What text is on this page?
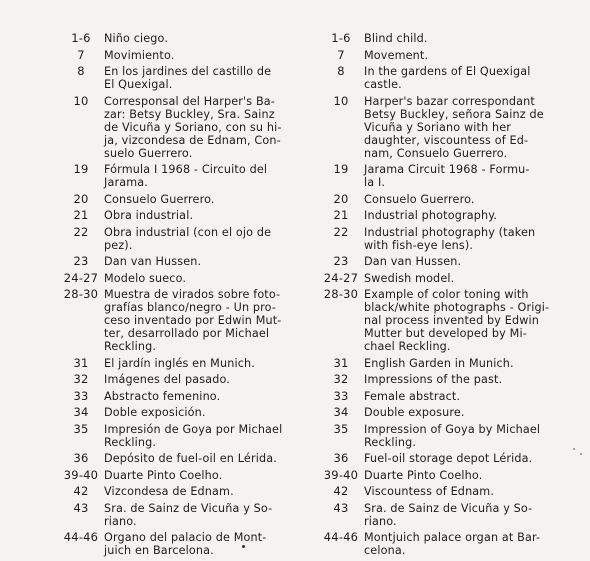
1-6	Niño ciego.
7	Movimiento.
8	En los jardines del castillo de
El Quexigal.
10	Corresponsal del Harper's Ba-
zar: Betsy Buckley, Sra. Sainz
de Vicuña y Soriano, con su hi-
ja, vizcondesa de Ednam, Con-
suelo Guerrero.
19	Fórmula I 1968 - Circuito del
Jarama.
20	Consuelo Guerrero.
21	Obra industrial.
22	Obra industrial (con el ojo de
pez).
23	Dan van Hussen.
24-27 Modelo sueco.
28-30 Muestra de virados sobre foto-
grafías blanco/negro - Un pro-
ceso inventado por Edwin Mut-
ter, desarrollado por Michael
Reckling.
31	El jardín inglés en Munich.
32	Imágenes del pasado.
33	Abstracto femenino.
34	Doble exposición.
35	Impresión de Goya por Michael
Reckling.
36	Depósito de fuel-oil en Lérida.
39-40 Duarte Pinto Coelho.
42	Vizcondesa de Ednam.
43	Sra. de Sainz de Vicuña y So-
riano.
44-46 Organo del palacio de Mont-
juich en Barcelona.
1-6	Blind child.
7	Movement.
8	In the gardens of El Quexigal
castle.
10	Harper's bazar correspondant
Betsy Buckley, señora Sainz de
Vicuña y Soriano with her
daughter, viscountess of Ed-
nam, Consuelo Guerrero.
19	Jarama Circuit 1968 - Formu-
la I.
20	Consuelo Guerrero.
21	Industrial photography.
22	Industrial photography (taken
with fish-eye lens).
23	Dan van Hussen.
24-27 Swedish model.
28-30 Example of color toning with
black/white photographs - Origi-
nal process invented by Edwin
Mutter but developed by Mi-
chael Reckling.
31	English Garden in Munich.
32	Impressions of the past.
33	Female abstract.
34	Double exposure.
35	Impression of Goya by Michael
Reckling.
36	Fuel-oil storage depot Lérida.
39-40 Duarte Pinto Coelho.
42	Viscountess of Ednam.
43	Sra. de Sainz de Vicuña y So-
riano.
44-46 Montjuich palace organ at Bar-
celona.
